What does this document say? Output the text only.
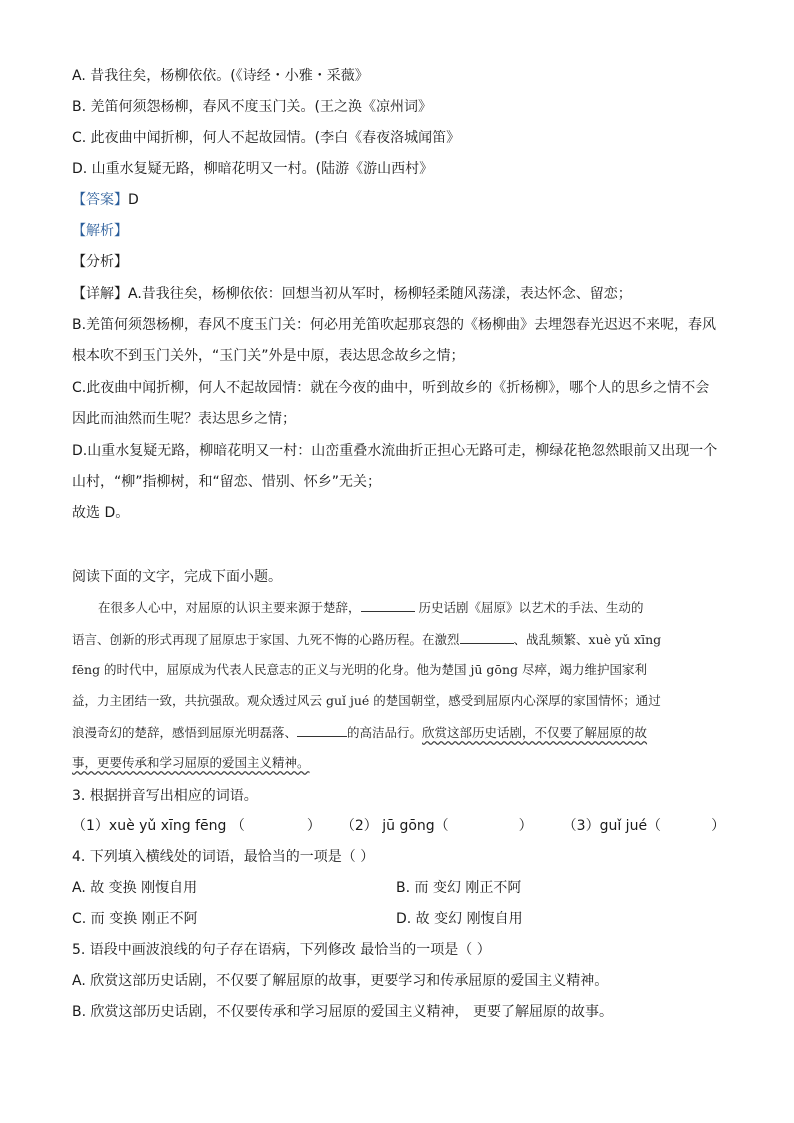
A. 昔我往矣，杨柳依依。(《诗经・小雅・采薇》
B. 羌笛何须怨杨柳，春风不度玉门关。(王之涣《凉州词》
C. 此夜曲中闻折柳，何人不起故园情。(李白《春夜洛城闻笛》
D. 山重水复疑无路，柳暗花明又一村。(陆游《游山西村》
【答案】D
【解析】
【分析】
【详解】A.昔我往矣，杨柳依依：回想当初从军时，杨柳轻柔随风荡漾，表达怀念、留恋；
B.羌笛何须怨杨柳，春风不度玉门关：何必用羌笛吹起那哀怨的《杨柳曲》去埋怨春光迟迟不来呢，春风
根本吹不到玉门关外，“玉门关”外是中原，表达思念故乡之情；
C.此夜曲中闻折柳，何人不起故园情：就在今夜的曲中，听到故乡的《折杨柳》，哪个人的思乡之情不会
因此而油然而生呢？表达思乡之情；
D.山重水复疑无路，柳暗花明又一村：山峦重叠水流曲折正担心无路可走，柳绿花艳忽然眼前又出现一个
山村，“柳”指柳树，和“留恋、惜别、怀乡”无关；
故选 D。
阅读下面的文字，完成下面小题。
在很多人心中，对屈原的认识主要来源于楚辞，	历史话剧《屈原》以艺术的手法、生动的
语言、创新的形式再现了屈原忠于家国、九死不悔的心路历程。在激烈	、战乱频繁、xuè yǔ xīng
fēng 的时代中，屈原成为代表人民意志的正义与光明的化身。他为楚国 jū gōng 尽瘁，竭力维护国家利
益，力主团结一致，共抗强敌。观众透过风云 guǐ jué 的楚国朝堂，感受到屈原内心深厚的家国情怀；通过
浪漫奇幻的楚辞，感悟到屈原光明磊落、	的高洁品行。欣赏这部历史话剧，不仅要了解屈原的故
事，更要传承和学习屈原的爱国主义精神。
3. 根据拼音写出相应的词语。
（1）xuè yǔ xīng fēng （	） （2） jū gōng（	） （3）guǐ jué（	）
4. 下列填入横线处的词语，最恰当的一项是（ ）
A. 故 变换 刚愎自用	B. 而 变幻 刚正不阿
C. 而 变换 刚正不阿	D. 故 变幻 刚愎自用
5. 语段中画波浪线的句子存在语病，下列修改 最恰当的一项是（ ）
A. 欣赏这部历史话剧，不仅要了解屈原的故事，更要学习和传承屈原的爱国主义精神。
B. 欣赏这部历史话剧，不仅要传承和学习屈原的爱国主义精神， 更要了解屈原的故事。
